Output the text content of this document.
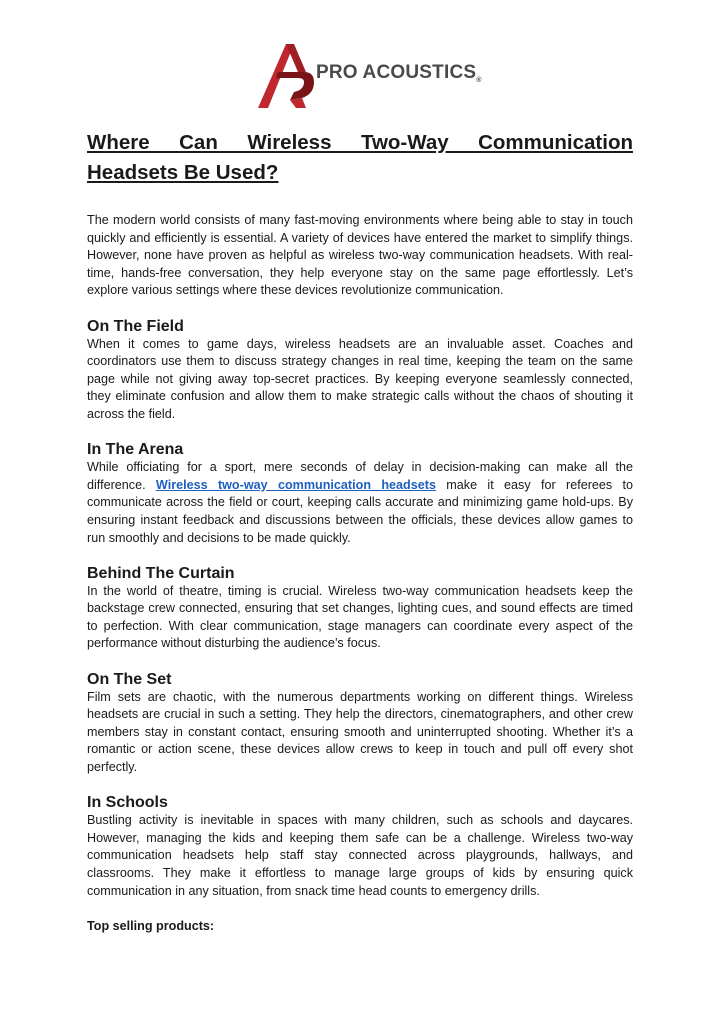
PRO ACOUSTICS®
Where Can Wireless Two-Way Communication Headsets Be Used?

The modern world consists of many fast-moving environments where being able to stay in touch quickly and efficiently is essential. A variety of devices have entered the market to simplify things. However, none have proven as helpful as wireless two-way communication headsets. With real-time, hands-free conversation, they help everyone stay on the same page effortlessly. Let’s explore various settings where these devices revolutionize communication.

On The Field

When it comes to game days, wireless headsets are an invaluable asset. Coaches and coordinators use them to discuss strategy changes in real time, keeping the team on the same page while not giving away top-secret practices. By keeping everyone seamlessly connected, they eliminate confusion and allow them to make strategic calls without the chaos of shouting it across the field.

In The Arena

While officiating for a sport, mere seconds of delay in decision-making can make all the difference. Wireless two-way communication headsets make it easy for referees to communicate across the field or court, keeping calls accurate and minimizing game hold-ups. By ensuring instant feedback and discussions between the officials, these devices allow games to run smoothly and decisions to be made quickly.

Behind The Curtain

In the world of theatre, timing is crucial. Wireless two-way communication headsets keep the backstage crew connected, ensuring that set changes, lighting cues, and sound effects are timed to perfection. With clear communication, stage managers can coordinate every aspect of the performance without disturbing the audience’s focus.

On The Set

Film sets are chaotic, with the numerous departments working on different things. Wireless headsets are crucial in such a setting. They help the directors, cinematographers, and other crew members stay in constant contact, ensuring smooth and uninterrupted shooting. Whether it’s a romantic or action scene, these devices allow crews to keep in touch and pull off every shot perfectly.

In Schools

Bustling activity is inevitable in spaces with many children, such as schools and daycares. However, managing the kids and keeping them safe can be a challenge. Wireless two-way communication headsets help staff stay connected across playgrounds, hallways, and classrooms. They make it effortless to manage large groups of kids by ensuring quick communication in any situation, from snack time head counts to emergency drills.

Top selling products:
